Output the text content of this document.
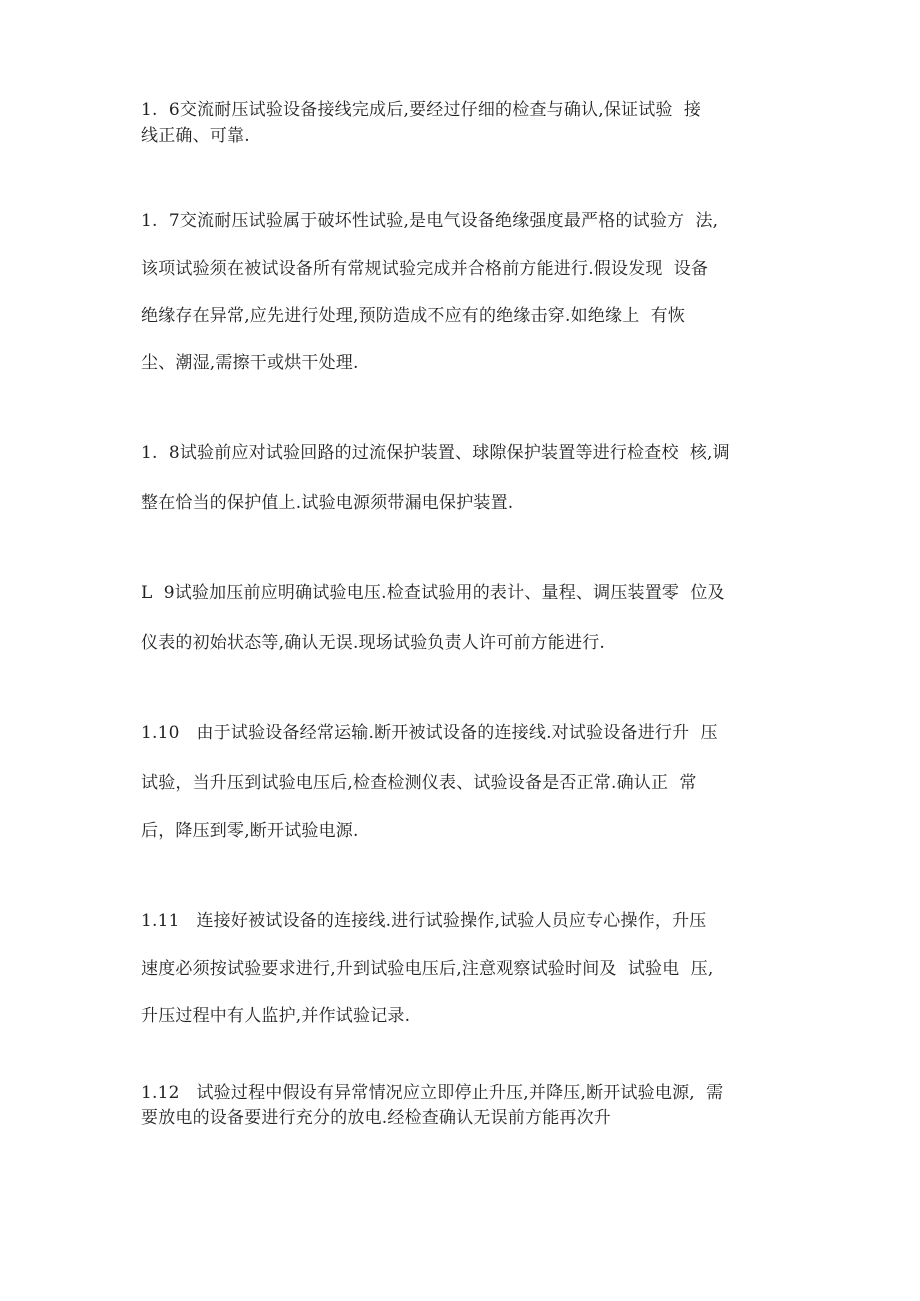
1.  6交流耐压试验设备接线完成后,要经过仔细的检查与确认,保证试验  接
线正确、可靠.
1.  7交流耐压试验属于破坏性试验,是电气设备绝缘强度最严格的试验方  法,
该项试验须在被试设备所有常规试验完成并合格前方能进行.假设发现  设备
绝缘存在异常,应先进行处理,预防造成不应有的绝缘击穿.如绝缘上  有恢
尘、潮湿,需擦干或烘干处理.
1.  8试验前应对试验回路的过流保护装置、球隙保护装置等进行检查校  核,调
整在恰当的保护值上.试验电源须带漏电保护装置.
L  9试验加压前应明确试验电压.检查试验用的表计、量程、调压装置零  位及
仪表的初始状态等,确认无误.现场试验负责人许可前方能进行.
1.10   由于试验设备经常运输.断开被试设备的连接线.对试验设备进行升  压
试验，当升压到试验电压后,检查检测仪表、试验设备是否正常.确认正  常
后，降压到零,断开试验电源.
1.11   连接好被试设备的连接线.进行试验操作,试验人员应专心操作，升压
速度必须按试验要求进行,升到试验电压后,注意观察试验时间及  试验电  压,
升压过程中有人监护,并作试验记录.
1.12   试验过程中假设有异常情况应立即停止升压,并降压,断开试验电源,  需
要放电的设备要进行充分的放电.经检查确认无误前方能再次升
